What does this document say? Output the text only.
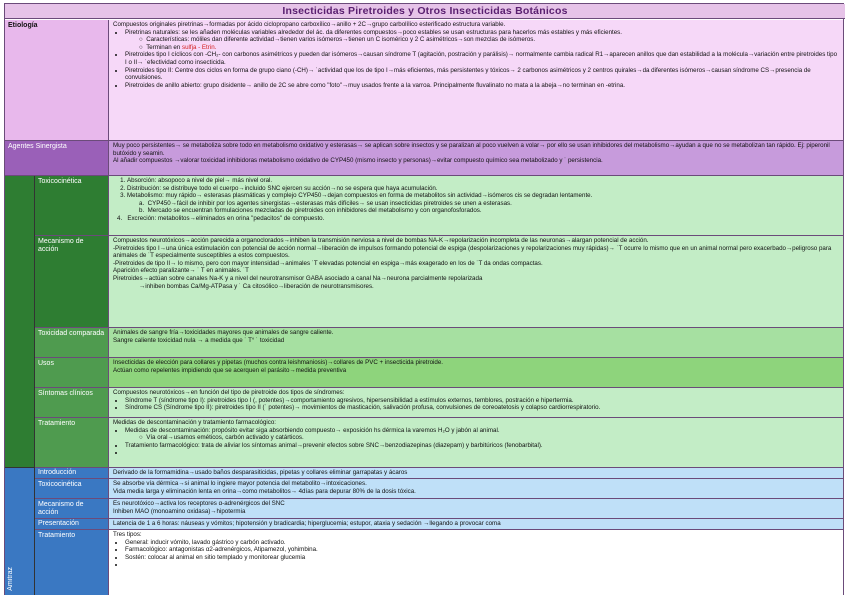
Insecticidas Piretroides y Otros Insecticidas Botánicos
Etiología	Compuestos originales piretrinas→formadas por ácido ciclopropano carboxílico→anillo + 2C→grupo carbolílico esterificado estructura variable.

• Piretrinas naturales: se les añaden moléculas variables alrededor del ác. da diferentes compuestos→poco estables se usan estructuras para hacerlos más estables y más eficientes.

○  Características: móliles dan diferente actividad→tienen varios isómeros→tienen un C isomérico y 2 C asimétricos→son mezclas de isómeros.

○  Terminan en sulfja - Etrin.

• Piretroides tipo I cíclicos con -CH₂- con carbonos asimétricos y pueden dar isómeros→causan síndrome T (agitación, postración y parálisis)→ normalmente cambia radical R1→aparecen anillos que dan estabilidad a la molécula→variación entre piretroides tipo I o II→ ˙efectividad como insecticida.
• Piretroides tipo II: Centre dos ciclos en forma de grupo ciano (-CH)→ ˙actividad que los de tipo I→más eficientes, más persistentes y tóxicos→ 2 carbonos asimétricos y 2 centros quirales→da diferentes isómeros→causan síndrome CS→presencia de convulsiones.
• Piretroides de anillo abierto: grupo disidente→ anillo de 2C se abre como "foto"→muy usados frente a la varroa. Principalmente fluvalinato no mata a la abeja→no terminan en -etrina.
Agentes Sinergista	Muy poco persistentes→ se metaboliza sobre todo en metabolismo oxidativo y esterasas→ se aplican sobre insectos y se paralizan al poco vuelven a volar→ por ello se usan inhibidores del metabolismo→ayudan a que no se metabolizan tan rápido. Ej: piperonil butóxido y seamin.

Al añadir compuestos →valorar toxicidad inhibidoras metabolismo oxidativo de CYP450 (mismo insecto y personas)→evitar compuesto químico sea metabolizado y ˙ persistencia.

Toxicocinética
1.	Absorción: absopoco a nivel de piel→ más nivel oral.
2. Distribución: se distribuye todo el cuerpo→incluido SNC ejercen su acción→no se espera que haya acumulación.
3. Metabolismo: muy rápido→ esterasas plasmáticas y complejo CYP450→dejan compuestos en forma de metabolitos sin actividad→isómeros cis se degradan lentamente.

a.  CYP450→fácil de inhibir por los agentes sinergistas→esterasas más difíciles→ se usan insecticidas piretroides se unen a esterasas.

b.  Mercado se encuentran formulaciones mezcladas de piretroides con inhibidores del metabolismo y con organofosforados.

4.   Excreción: metabolitos→eliminados en orina "pedacitos" de compuesto.

Mecanismo de acción

Compuestos neurotóxicos→acción parecida a organoclorados→inhiben la transmisión nerviosa a nivel de bombas NA-K→repolarización incompleta de las neuronas→alargan potencial de acción.

-Piretroides tipo I→una única estimulación con potencial de acción normal→liberación de impulsos formando potencial de espiga (despolarizaciones y repolarizaciones muy rápidas)→ ˙T ocurre lo mismo que en un animal normal pero exacerbado→peligroso para animales de ˙T especialmente susceptibles a estos compuestos.

-Piretroides de tipo II→ lo mismo, pero con mayor intensidad→animales ˙T elevadas potencial en espiga→más exagerado en los de ˙T da ondas compactas.

Aparición efecto paralizante→ ˙ T en animales. ˙T

Piretroides→actúan sobre canales Na-K y a nivel del neurotransmisor GABA asociado a canal Na→neurona parcialmente repolarizada

→inhiben bombas Ca/Mg-ATPasa y ˙ Ca citosólico→liberación de neurotransmisores.

Toxicidad comparada	Animales de sangre fría→toxicidades mayores que animales de sangre caliente.

Sangre caliente toxicidad nula → a medida que ˙ T° ˙ toxicidad

Usos	Insecticidas de elección para collares y pipetas (muchos contra leishmaniosis)→collares de PVC + insecticida piretroide.

Actúan como repelentes impidiendo que se acerquen el parásito→medida preventiva

Síntomas clínicos	Compuestos neurotóxicos→en función del tipo de piretroide dos tipos de síndromes:

• Síndrome T (síndrome tipo I): piretroides tipo I (, potentes)→comportamiento agresivos, hipersensibilidad a estímulos externos, temblores, postración e hipertermia.
• Síndrome CS (Síndrome tipo II): piretroides tipo II (˙ potentes)→ movimientos de masticación, salivación profusa, convulsiones de coreoatetosis y colapso cardiorrespiratorio.
Tratamiento	Medidas de descontaminación y tratamiento farmacológico:

• Medidas de descontaminación: propósito evitar siga absorbiendo compuesto→ exposición hs dérmica la varemos H₂O y jabón al animal.

○  Vía oral→usamos eméticos, carbón activado y catárticos.

• Tratamiento farmacológico: trata de aliviar los síntomas animal→prevenir efectos sobre SNC→benzodiazepinas (diazepam) y barbitúricos (fenobarbital).
•
Amitraz
Introducción	Derivado de la formamidina→usado baños desparasiticidas, pipetas y collares eliminar garrapatas y ácaros

Toxicocinética	Se absorbe vía dérmica→si animal lo ingiere mayor potencia del metabolito→intoxicaciones.

Vida media larga y eliminación lenta en orina→como metabolitos→ 4días para depurar 80% de la dosis tóxica.

Mecanismo de acción

Es neurotóxico→activa los receptores α-adrenérgicos del SNC

Inhiben MAO (monoamino oxidasa)→hipotermia

Presentación	Latencia de 1 a 6 horas: náuseas y vómitos; hipotensión y bradicardia; hiperglucemia; estupor, ataxia y sedación →llegando a provocar coma

Tratamiento	Tres tipos:

• General: inducir vómito, lavado gástrico y carbón activado.
• Farmacológico: antagonistas α2-adrenérgicos, Atipamezol, yohimbina.
• Sostén: colocar al animal en sitio templado y monitorear glucemia
•
